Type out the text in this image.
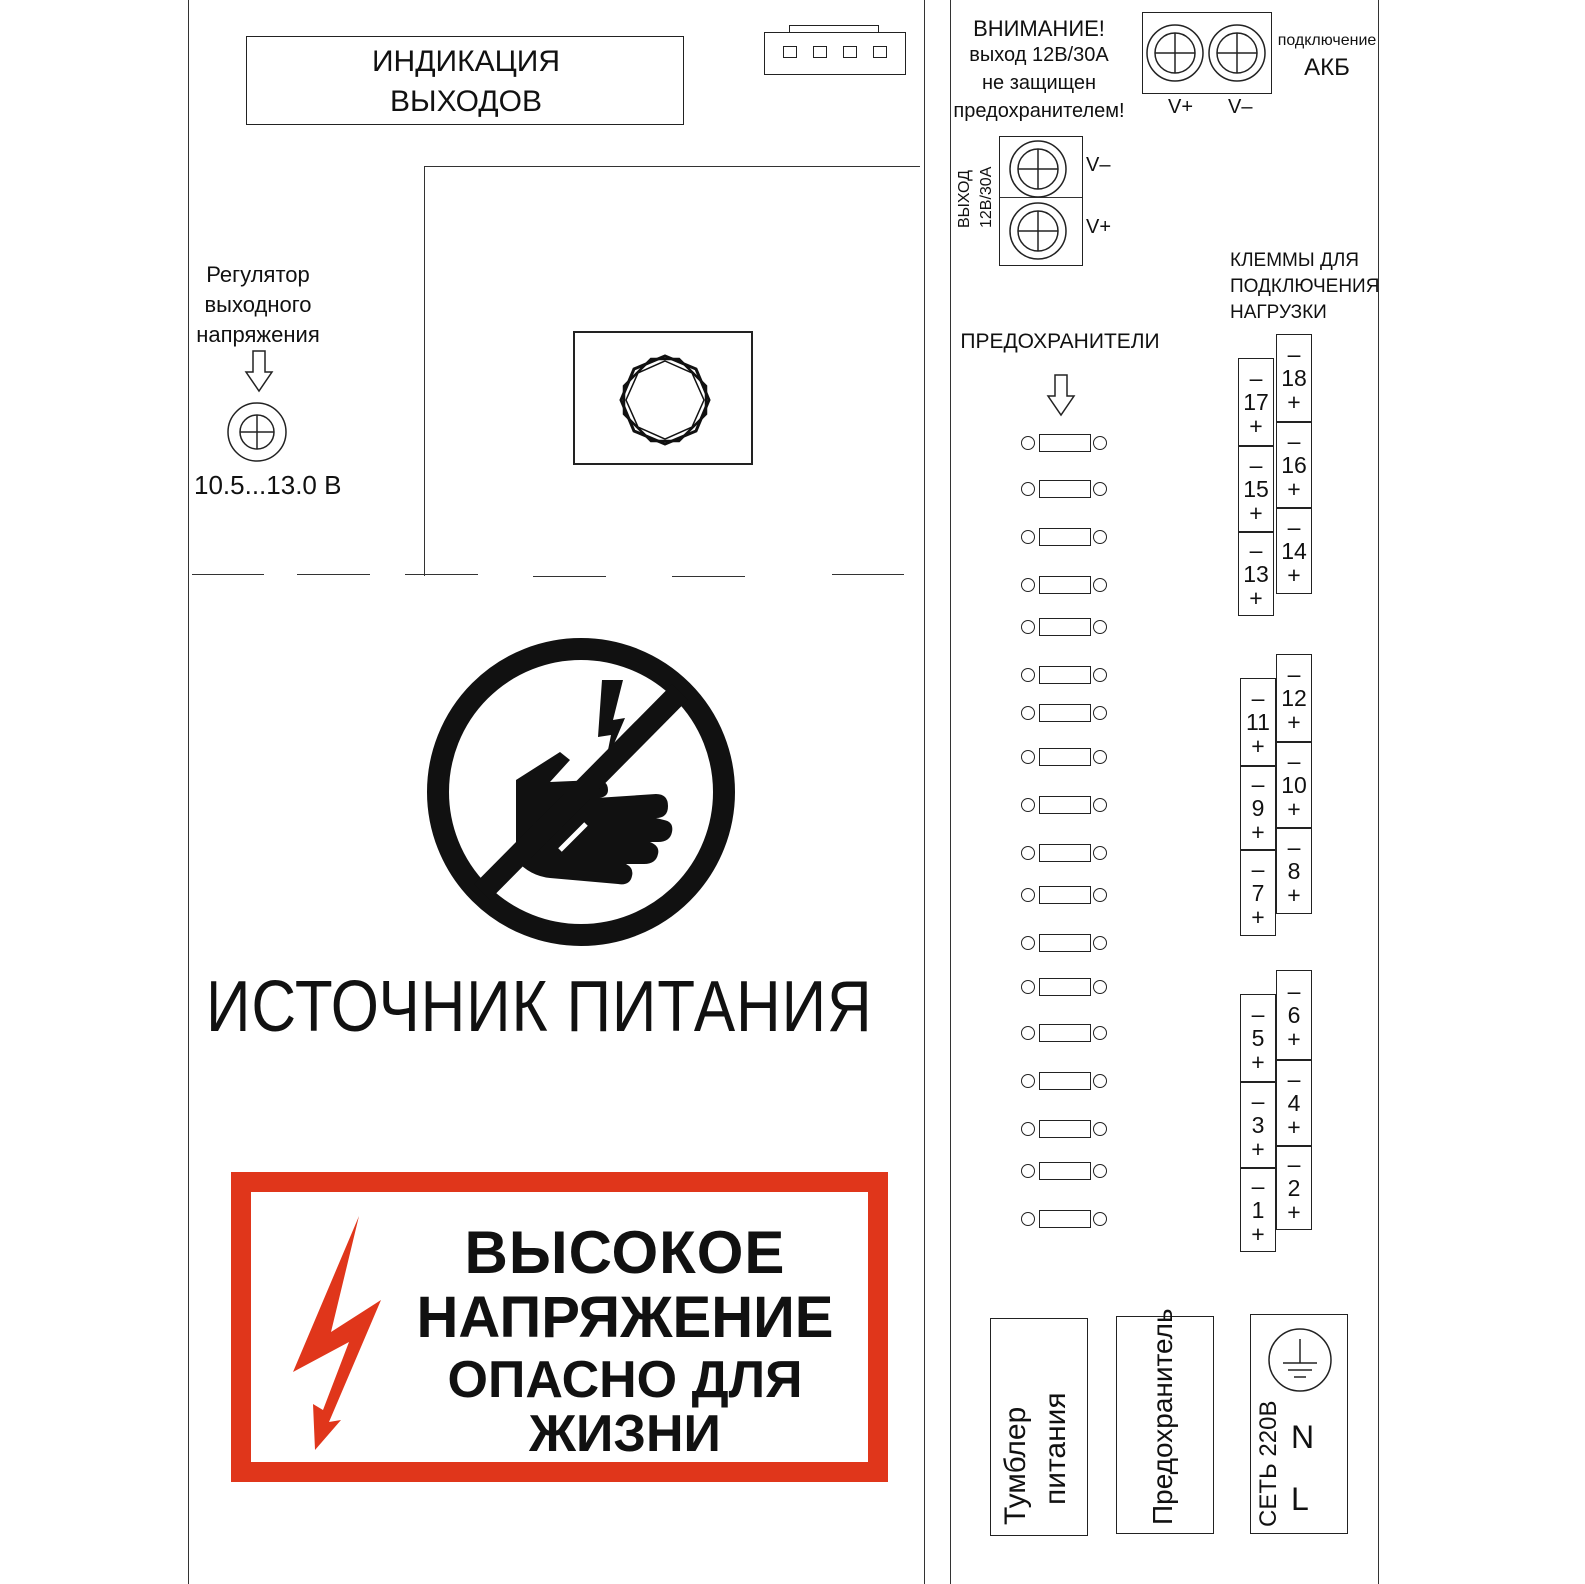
ИНДИКАЦИЯ
ВЫХОДОВ
Регулятор
выходного
напряжения
10.5...13.0 В
ИСТОЧНИК ПИТАНИЯ
ВЫСОКОЕ
НАПРЯЖЕНИЕ
ОПАСНО ДЛЯ
ЖИЗНИ
ВНИМАНИЕ!
выход 12В/30А
не защищен
предохранителем! V+ V–
подключение
АКБ
V–
V+
ВЫХОД 12В/30А
ПРЕДОХРАНИТЕЛИ
КЛЕММЫ ДЛЯ
ПОДКЛЮЧЕНИЯ
НАГРУЗКИ
–
17
+
–
18
+
–
15
+
–
16
+
–
13
+
–
14
+
–
11
+
–
12
+
–
9
+
–
10
+
–
7
+
–
8
+
–
5
+
–
6
+
–
3
+
–
4
+
–
1
+
–
2
+
Тумблер питания	Предохранитель	СЕТЬ 220В N
L
